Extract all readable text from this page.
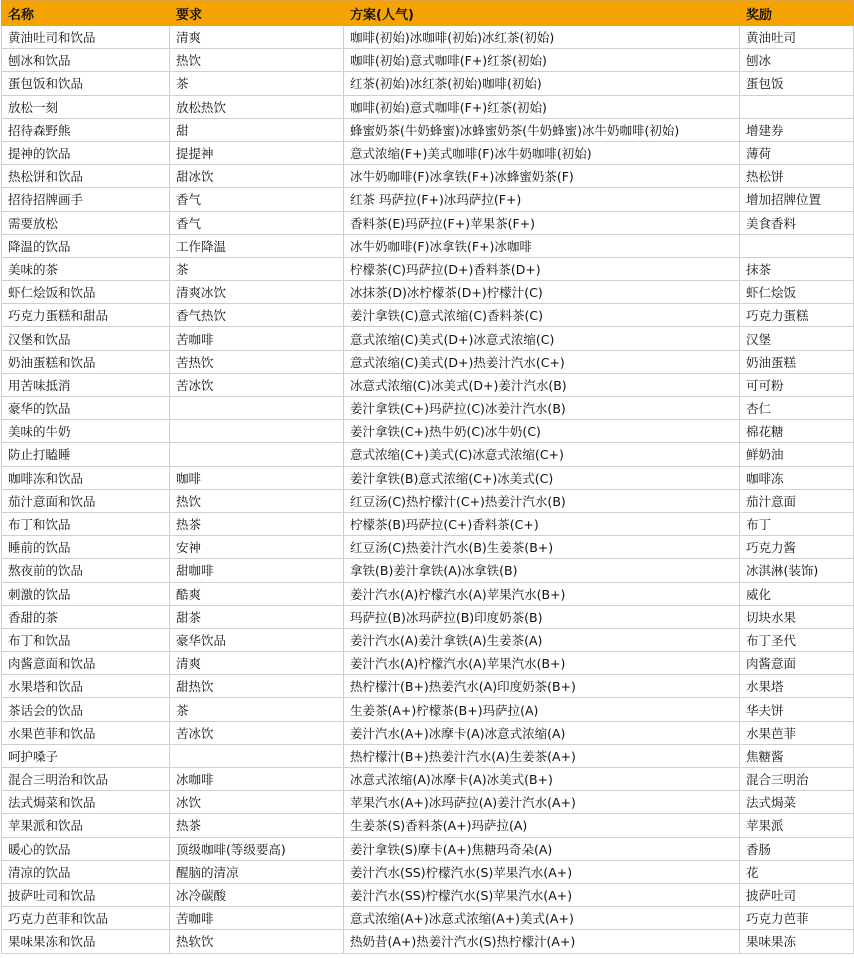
名称	要求	方案(人气)	奖励
黄油吐司和饮品	清爽	咖啡(初始)冰咖啡(初始)冰红茶(初始)	黄油吐司
刨冰和饮品	热饮	咖啡(初始)意式咖啡(F+)红茶(初始)	刨冰
蛋包饭和饮品	茶	红茶(初始)冰红茶(初始)咖啡(初始)	蛋包饭
放松一刻	放松热饮	咖啡(初始)意式咖啡(F+)红茶(初始)	
招待森野熊	甜	蜂蜜奶茶(牛奶蜂蜜)冰蜂蜜奶茶(牛奶蜂蜜)冰牛奶咖啡(初始)	增建券
提神的饮品	提提神	意式浓缩(F+)美式咖啡(F)冰牛奶咖啡(初始)	薄荷
热松饼和饮品	甜冰饮	冰牛奶咖啡(F)冰拿铁(F+)冰蜂蜜奶茶(F)	热松饼
招待招牌画手	香气	红茶 玛萨拉(F+)冰玛萨拉(F+)	增加招牌位置
需要放松	香气	香料茶(E)玛萨拉(F+)苹果茶(F+)	美食香料
降温的饮品	工作降温	冰牛奶咖啡(F)冰拿铁(F+)冰咖啡	
美味的茶	茶	柠檬茶(C)玛萨拉(D+)香料茶(D+)	抹茶
虾仁烩饭和饮品	清爽冰饮	冰抹茶(D)冰柠檬茶(D+)柠檬汁(C)	虾仁烩饭
巧克力蛋糕和甜品	香气热饮	姜汁拿铁(C)意式浓缩(C)香料茶(C)	巧克力蛋糕
汉堡和饮品	苦咖啡	意式浓缩(C)美式(D+)冰意式浓缩(C)	汉堡
奶油蛋糕和饮品	苦热饮	意式浓缩(C)美式(D+)热姜汁汽水(C+)	奶油蛋糕
用苦味抵消	苦冰饮	冰意式浓缩(C)冰美式(D+)姜汁汽水(B)	可可粉
豪华的饮品		姜汁拿铁(C+)玛萨拉(C)冰姜汁汽水(B)	杏仁
美味的牛奶		姜汁拿铁(C+)热牛奶(C)冰牛奶(C)	棉花糖
防止打瞌睡		意式浓缩(C+)美式(C)冰意式浓缩(C+)	鲜奶油
咖啡冻和饮品	咖啡	姜汁拿铁(B)意式浓缩(C+)冰美式(C)	咖啡冻
茄汁意面和饮品	热饮	红豆汤(C)热柠檬汁(C+)热姜汁汽水(B)	茄汁意面
布丁和饮品	热茶	柠檬茶(B)玛萨拉(C+)香料茶(C+)	布丁
睡前的饮品	安神	红豆汤(C)热姜汁汽水(B)生姜茶(B+)	巧克力酱
熬夜前的饮品	甜咖啡	拿铁(B)姜汁拿铁(A)冰拿铁(B)	冰淇淋(装饰)
刺激的饮品	酷爽	姜汁汽水(A)柠檬汽水(A)苹果汽水(B+)	威化
香甜的茶	甜茶	玛萨拉(B)冰玛萨拉(B)印度奶茶(B)	切块水果
布丁和饮品	豪华饮品	姜汁汽水(A)姜汁拿铁(A)生姜茶(A)	布丁圣代
肉酱意面和饮品	清爽	姜汁汽水(A)柠檬汽水(A)苹果汽水(B+)	肉酱意面
水果塔和饮品	甜热饮	热柠檬汁(B+)热姜汽水(A)印度奶茶(B+)	水果塔
茶话会的饮品	茶	生姜茶(A+)柠檬茶(B+)玛萨拉(A)	华夫饼
水果芭菲和饮品	苦冰饮	姜汁汽水(A+)冰摩卡(A)冰意式浓缩(A)	水果芭菲
呵护嗓子		热柠檬汁(B+)热姜汁汽水(A)生姜茶(A+)	焦糖酱
混合三明治和饮品	冰咖啡	冰意式浓缩(A)冰摩卡(A)冰美式(B+)	混合三明治
法式焗菜和饮品	冰饮	苹果汽水(A+)冰玛萨拉(A)姜汁汽水(A+)	法式焗菜
苹果派和饮品	热茶	生姜茶(S)香料茶(A+)玛萨拉(A)	苹果派
暖心的饮品	顶级咖啡(等级要高)	姜汁拿铁(S)摩卡(A+)焦糖玛奇朵(A)	香肠
清凉的饮品	醒脑的清凉	姜汁汽水(SS)柠檬汽水(S)苹果汽水(A+)	花
披萨吐司和饮品	冰冷碳酸	姜汁汽水(SS)柠檬汽水(S)苹果汽水(A+)	披萨吐司
巧克力芭菲和饮品	苦咖啡	意式浓缩(A+)冰意式浓缩(A+)美式(A+)	巧克力芭菲
果味果冻和饮品	热软饮	热奶昔(A+)热姜汁汽水(S)热柠檬汁(A+)	果味果冻
